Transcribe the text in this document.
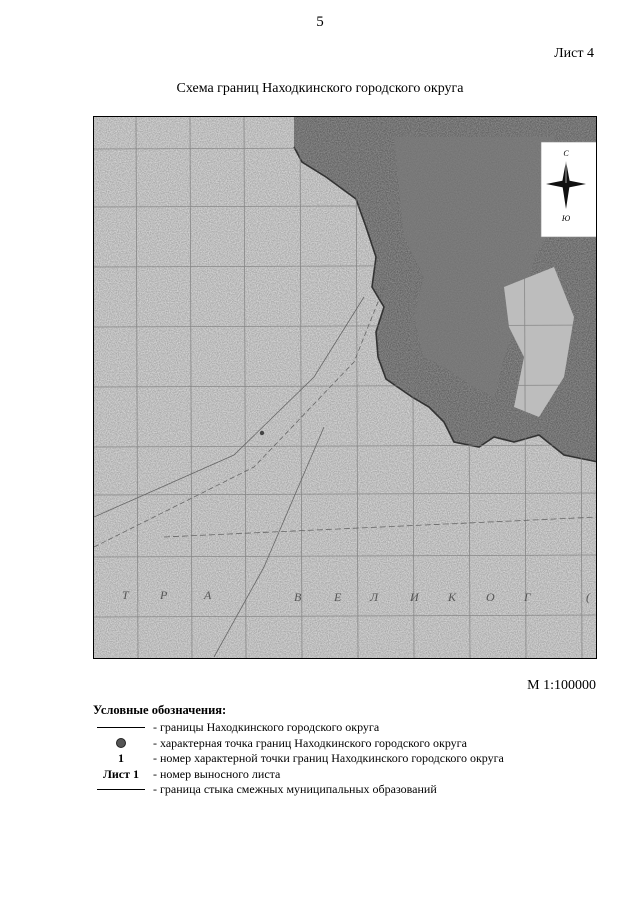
5
Лист 4
Схема границ Находкинского городского округа
Т	Р	А	В	Е Л	И К	О Г	(
С
Ю
М 1:100000
Условные обозначения:
- границы Находкинского городского округа
- характерная точка границ Находкинского городского округа
1 - номер характерной точки границ Находкинского городского округа
Лист 1 - номер выносного листа
- граница стыка смежных муниципальных образований
